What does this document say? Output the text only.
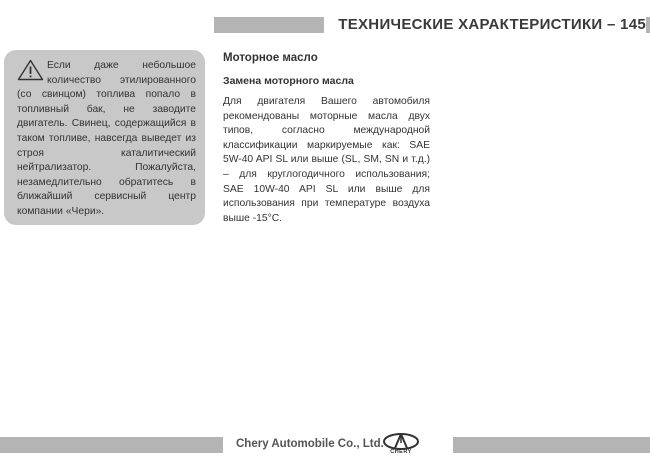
ТЕХНИЧЕСКИЕ ХАРАКТЕРИСТИКИ – 145
Если даже небольшое количество этилированного (со свинцом) топлива попало в топливный бак, не заводите двигатель. Свинец, содержащийся в таком топливе, навсегда выведет из строя каталитический нейтрализатор. Пожалуйста, незамедлительно обратитесь в ближайший сервисный центр компании «Чери».
Моторное масло
Замена моторного масла
Для двигателя Вашего автомобиля рекомендованы моторные масла двух типов, согласно международной классификации маркируемые как: SAE 5W-40 API SL или выше (SL, SM, SN и т.д.) – для круглогодичного использования; SAE 10W-40 API SL или выше для использования при температуре воздуха выше -15°С.
Chery Automobile Co., Ltd.
CHERY
